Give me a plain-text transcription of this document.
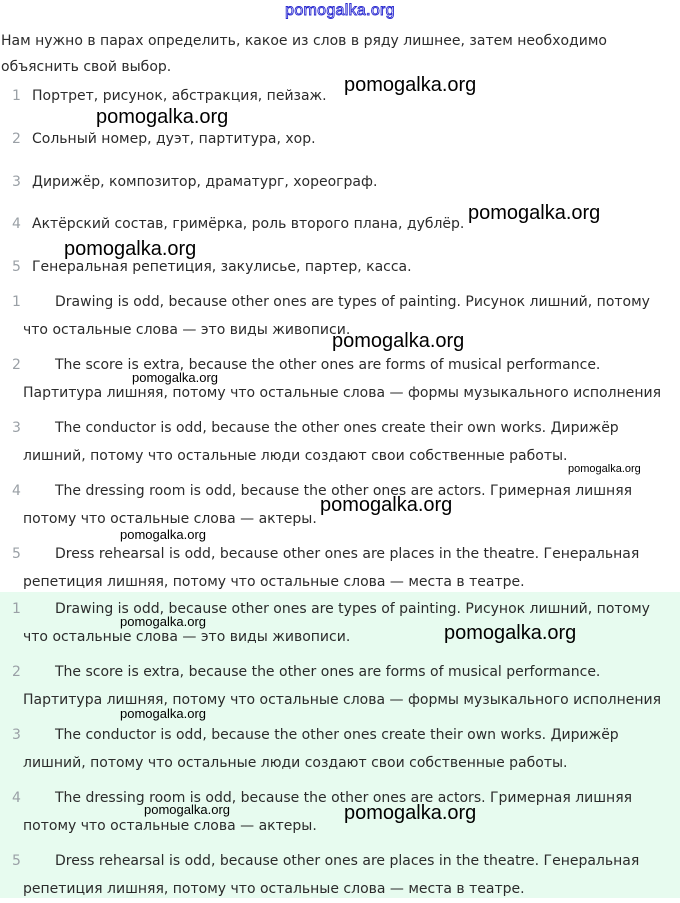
pomogalka.org

Нам нужно в парах определить, какое из слов в ряду лишнее, затем необходимо объяснить свой выбор.

1 Портрет, рисунок, абстракция, пейзаж.
2 Сольный номер, дуэт, партитура, хор.
3 Дирижёр, композитор, драматург, хореограф.
4 Актёрский состав, гримёрка, роль второго плана, дублёр.
5 Генеральная репетиция, закулисье, партер, касса.
1	Drawing is odd, because other ones are types of painting. Рисунок лишний, потому что остальные слова — это виды живописи.
2	The score is extra, because the other ones are forms of musical performance. Партитура лишняя, потому что остальные слова — формы музыкального исполнения
3	The conductor is odd, because the other ones create their own works. Дирижёр лишний, потому что остальные люди создают свои собственные работы.
4	The dressing room is odd, because the other ones are actors. Гримерная лишняя потому что остальные слова — актеры.
5	Dress rehearsal is odd, because other ones are places in the theatre. Генеральная репетиция лишняя, потому что остальные слова — места в театре.
1	Drawing is odd, because other ones are types of painting. Рисунок лишний, потому что остальные слова — это виды живописи.
2	The score is extra, because the other ones are forms of musical performance. Партитура лишняя, потому что остальные слова — формы музыкального исполнения
3	The conductor is odd, because the other ones create their own works. Дирижёр лишний, потому что остальные люди создают свои собственные работы.
4	The dressing room is odd, because the other ones are actors. Гримерная лишняя потому что остальные слова — актеры.
5	Dress rehearsal is odd, because other ones are places in the theatre. Генеральная репетиция лишняя, потому что остальные слова — места в театре.
pomogalka.org
pomogalka.org
pomogalka.org
pomogalka.org
pomogalka.org
pomogalka.org
pomogalka.org
pomogalka.org
pomogalka.org
pomogalka.org
pomogalka.org
pomogalka.org
pomogalka.org	pomogalka.org
